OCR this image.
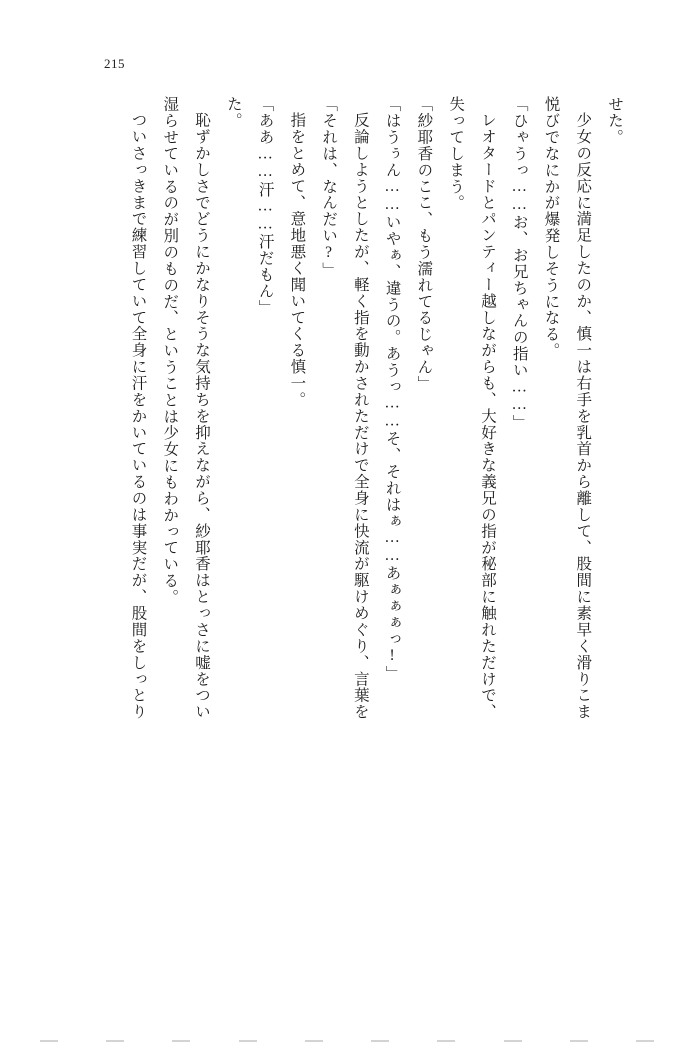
215

せた。

少女の反応に満足したのか、慎一は右手を乳首から離して、股間に素早く滑りこま

悦びでなにかが爆発しそうになる。

「ひゃうっ……お、お兄ちゃんの指い……」

レオタードとパンティー越しながらも、大好きな義兄の指が秘部に触れただけで、

失ってしまう。

「紗耶香のここ、もう濡れてるじゃん」

「はうぅん……いやぁ、違うの。あうっ……そ、それはぁ……あぁぁぁっ!」

反論しようとしたが、軽く指を動かされただけで全身に快流が駆けめぐり、言葉を

「それは、なんだい?」

指をとめて、意地悪く聞いてくる慎一。

「ああ……汗……汗だもん」

た。

恥ずかしさでどうにかなりそうな気持ちを抑えながら、紗耶香はとっさに嘘をつい

湿らせているのが別のものだ、ということは少女にもわかっている。

ついさっきまで練習していて全身に汗をかいているのは事実だが、股間をしっとり
